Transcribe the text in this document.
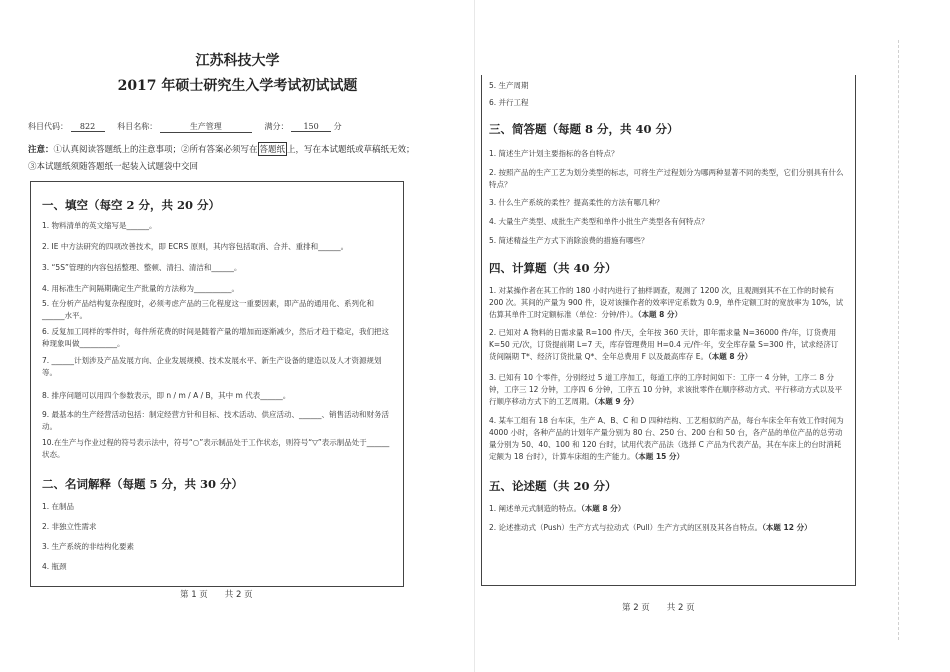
江苏科技大学
2017 年硕士研究生入学考试初试试题
科目代码： 822	科目名称：	生产管理	满分： 150 分
注意：①认真阅读答题纸上的注意事项；②所有答案必须写在 答题纸 上，写在本试题纸或草稿纸无效；
③本试题纸须随答题纸一起装入试题袋中交回
一、填空（每空 2 分，共 20 分）
1. 物料清单的英文缩写是______。
2. IE 中方法研究的四项改善技术，即 ECRS 原则，其内容包括取消、合并、重排和______。
3. “5S”管理的内容包括整理、整顿、清扫、清洁和______。
4. 用标准生产间隔期确定生产批量的方法称为__________。
5. 在分析产品结构复杂程度时，必须考虑产品的三化程度这一重要因素，即产品的通用化、系列化和______水平。
6. 反复加工同样的零件时，每件所花费的时间是随着产量的增加而逐渐减少，然后才趋于稳定，我们把这种现象叫做__________。
7. ______计划涉及产品发展方向、企业发展规模、技术发展水平、新生产设备的建造以及人才资源规划等。
8. 排序问题可以用四个参数表示，即 n / m / A / B，其中 m 代表______。
9. 最基本的生产经营活动包括：制定经营方针和目标、技术活动、供应活动、______、销售活动和财务活动。
10.在生产与作业过程的符号表示法中，符号“○”表示制品处于工作状态，则符号“▽”表示制品处于______状态。
二、名词解释（每题 5 分，共 30 分）
1. 在制品
2. 非独立性需求
3. 生产系统的非结构化要素
4. 瓶颈
第 1 页　　共 2 页
5. 生产周期
6. 并行工程
三、简答题（每题 8 分，共 40 分）
1. 简述生产计划主要指标的各自特点？
2. 按照产品的生产工艺为划分类型的标志，可将生产过程划分为哪两种显著不同的类型，它们分别具有什么特点？
3. 什么生产系统的柔性？提高柔性的方法有哪几种？
4. 大量生产类型、成批生产类型和单件小批生产类型各有何特点？
5. 简述精益生产方式下消除浪费的措施有哪些？
四、计算题（共 40 分）
1. 对某操作者在其工作的 180 小时内进行了抽样调查，观测了 1200 次，且观测到其不在工作的时候有 200 次。其间的产量为 900 件，设对该操作者的效率评定系数为 0.9，单件定额工时的宽放率为 10%，试估算其单件工时定额标准（单位：分钟/件）。（本题 8 分）
2. 已知对 A 物料的日需求量 R=100 件/天，全年按 360 天计，即年需求量 N=36000 件/年，订货费用 K=50 元/次，订货提前期 L=7 天，库存管理费用 H=0.4 元/件·年，安全库存量 S=300 件，试求经济订货间隔期 T*、经济订货批量 Q*、全年总费用 F 以及最高库存 E。（本题 8 分）
3. 已知有 10 个零件，分别经过 5 道工序加工，每道工序的工序时间如下：工序一 4 分钟，工序二 8 分钟，工序三 12 分钟，工序四 6 分钟，工序五 10 分钟，求该批零件在顺序移动方式、平行移动方式以及平行顺序移动方式下的工艺周期。（本题 9 分）
4. 某车工组有 18 台车床，生产 A、B、C 和 D 四种结构、工艺相似的产品，每台车床全年有效工作时间为 4000 小时，各种产品的计划年产量分别为 80 台、250 台、200 台和 50 台，各产品的单位产品的总劳动量分别为 50、40、100 和 120 台时，试用代表产品法（选择 C 产品为代表产品，其在车床上的台时消耗定额为 18 台时），计算车床组的生产能力。（本题 15 分）
五、论述题（共 20 分）
1. 阐述单元式制造的特点。（本题 8 分）
2. 论述推动式（Push）生产方式与拉动式（Pull）生产方式的区别及其各自特点。（本题 12 分）
第 2 页　　共 2 页
